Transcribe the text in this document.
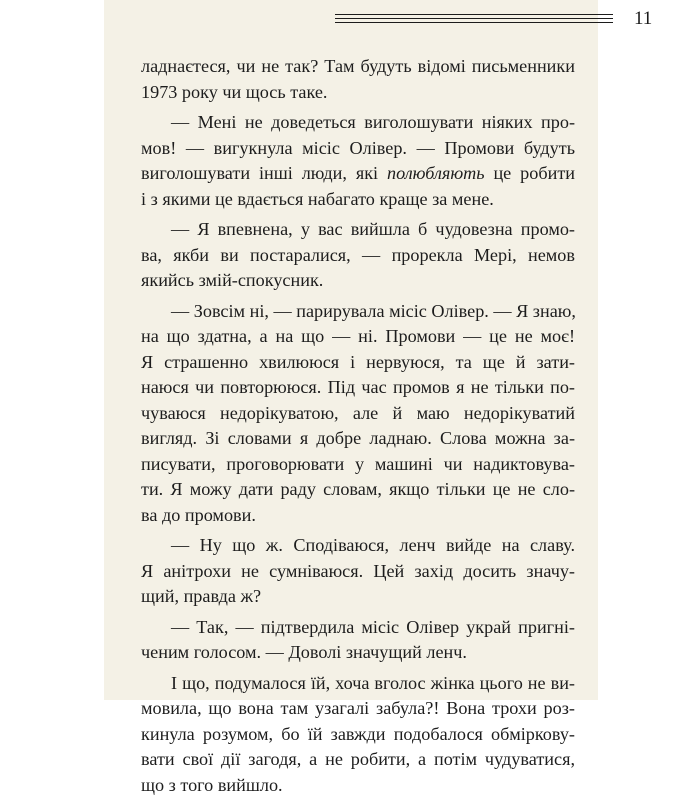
11
ладнаєтеся, чи не так? Там будуть відомі письменники
1973 року чи щось таке.
— Мені не доведеться виголошувати ніяких про-
мов! — вигукнула місіс Олівер. — Промови будуть
виголошувати інші люди, які полюбляють це робити
і з якими це вдається набагато краще за мене.
— Я впевнена, у вас вийшла б чудовезна промо-
ва, якби ви постаралися, — прорекла Мері, немов
якийсь змій-спокусник.
— Зовсім ні, — парирувала місіс Олівер. — Я знаю,
на що здатна, а на що — ні. Промови — це не моє!
Я страшенно хвилююся і нервуюся, та ще й зати-
наюся чи повторююся. Під час промов я не тільки по-
чуваюся недорікуватою, але й маю недорікуватий
вигляд. Зі словами я добре ладнаю. Слова можна за-
писувати, проговорювати у машині чи надиктовува-
ти. Я можу дати раду словам, якщо тільки це не сло-
ва до промови.
— Ну що ж. Сподіваюся, ленч вийде на славу.
Я анітрохи не сумніваюся. Цей захід досить значу-
щий, правда ж?
— Так, — підтвердила місіс Олівер украй пригні-
ченим голосом. — Доволі значущий ленч.
І що, подумалося їй, хоча вголос жінка цього не ви-
мовила, що вона там узагалі забула?! Вона трохи роз-
кинула розумом, бо їй завжди подобалося обміркову-
вати свої дії загодя, а не робити, а потім чудуватися,
що з того вийшло.
